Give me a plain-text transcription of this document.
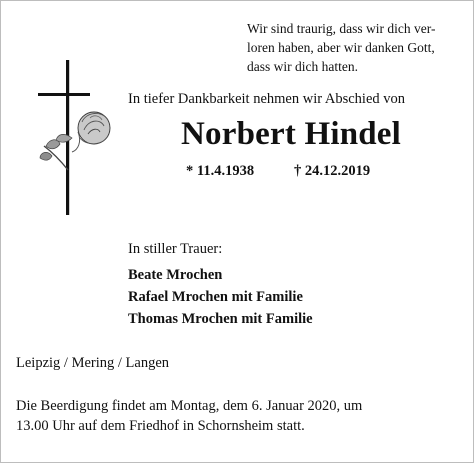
Wir sind traurig, dass wir dich ver-
loren haben, aber wir danken Gott,
dass wir dich hatten.
In tiefer Dankbarkeit nehmen wir Abschied von
Norbert Hindel
* 11.4.1938	† 24.12.2019
In stiller Trauer:
Beate Mrochen
Rafael Mrochen mit Familie
Thomas Mrochen mit Familie
Leipzig / Mering / Langen
Die Beerdigung findet am Montag, dem 6. Januar 2020, um
13.00 Uhr auf dem Friedhof in Schornsheim statt.
